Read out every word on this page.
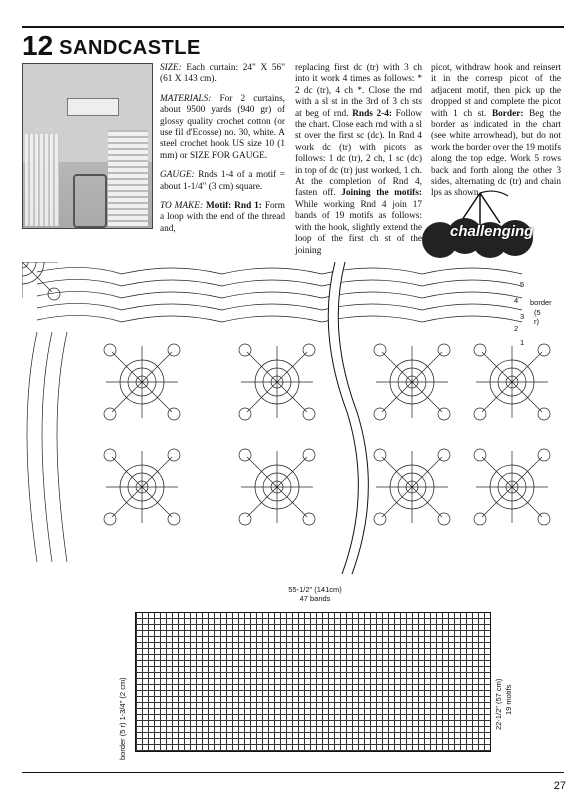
12 SANDCASTLE

SIZE: Each curtain: 24" X 56" (61 X 143 cm).

MATERIALS: For 2 curtains, about 9500 yards (940 gr) of glossy quality crochet cotton (or use fil d'Ecosse) no. 30, white. A steel crochet hook US size 10 (1 mm) or SIZE FOR GAUGE.

GAUGE: Rnds 1-4 of a motif = about 1-1/4" (3 cm) square.

TO MAKE: Motif: Rnd 1: Form a loop with the end of the thread and,

replacing first dc (tr) with 3 ch into it work 4 times as follows: * 2 dc (tr), 4 ch *. Close the rnd with a sl st in the 3rd of 3 ch sts at beg of rnd. Rnds 2-4: Follow the chart. Close each rnd with a sl st over the first sc (dc). In Rnd 4 work dc (tr) with picots as follows: 1 dc (tr), 2 ch, 1 sc (dc) in top of dc (tr) just worked, 1 ch. At the completion of Rnd 4, fasten off. Joining the motifs: While working Rnd 4 join 17 bands of 19 motifs as follows: with the hook, slightly extend the loop of the first ch st of the joining

picot, withdraw hook and reinsert it in the corresp picot of the adjacent motif, then pick up the dropped st and complete the picot with 1 ch st. Border: Beg the border as indicated in the chart (see white arrowhead), but do not work the border over the 19 motifs along the top edge. Work 5 rows back and forth along the other 3 sides, alternating dc (tr) and chain lps as shown.

challenging
5
4
3
2
1
border
(5 r)
55-1/2" (141cm)
47 bands
border (5 r) 1-3/4" (2 cm)	22-1/2" (57 cm) 19 motifs
27
